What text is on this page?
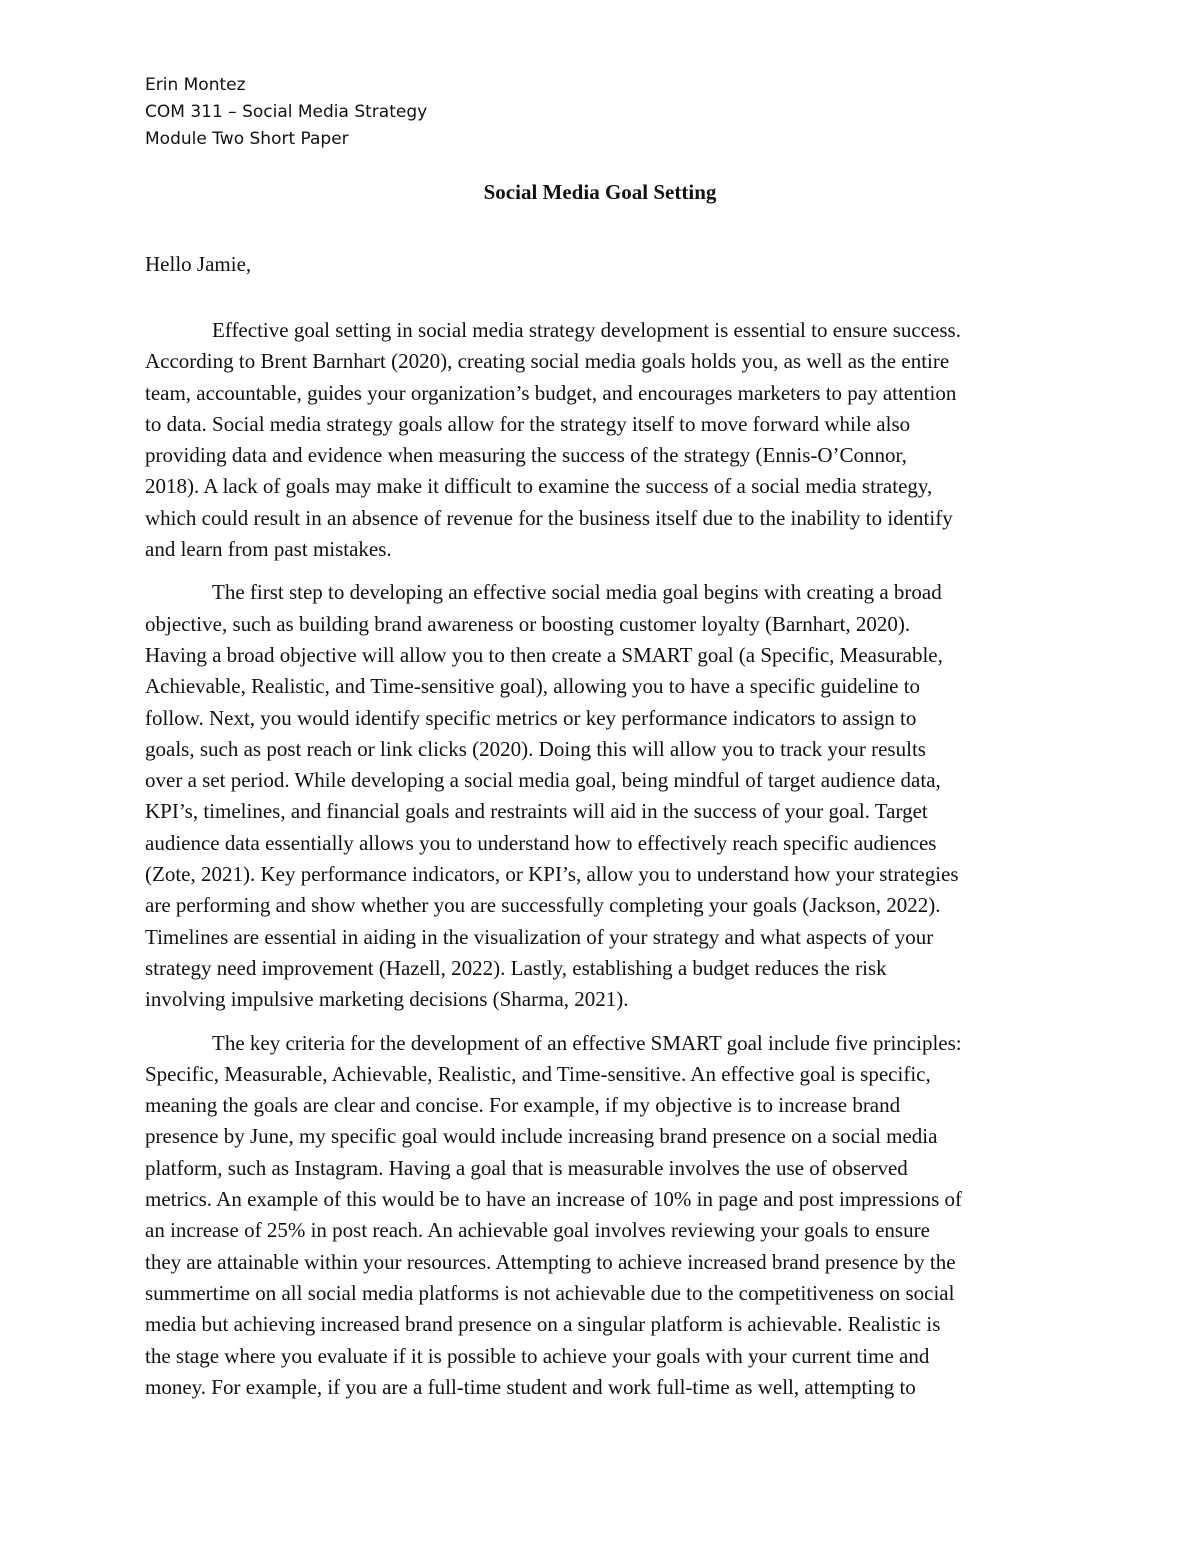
Erin Montez
COM 311 – Social Media Strategy
Module Two Short Paper
Social Media Goal Setting
Hello Jamie,
Effective goal setting in social media strategy development is essential to ensure success.
According to Brent Barnhart (2020), creating social media goals holds you, as well as the entire
team, accountable, guides your organization’s budget, and encourages marketers to pay attention
to data. Social media strategy goals allow for the strategy itself to move forward while also
providing data and evidence when measuring the success of the strategy (Ennis-O’Connor,
2018). A lack of goals may make it difficult to examine the success of a social media strategy,
which could result in an absence of revenue for the business itself due to the inability to identify
and learn from past mistakes.
The first step to developing an effective social media goal begins with creating a broad
objective, such as building brand awareness or boosting customer loyalty (Barnhart, 2020).
Having a broad objective will allow you to then create a SMART goal (a Specific, Measurable,
Achievable, Realistic, and Time-sensitive goal), allowing you to have a specific guideline to
follow. Next, you would identify specific metrics or key performance indicators to assign to
goals, such as post reach or link clicks (2020). Doing this will allow you to track your results
over a set period. While developing a social media goal, being mindful of target audience data,
KPI’s, timelines, and financial goals and restraints will aid in the success of your goal. Target
audience data essentially allows you to understand how to effectively reach specific audiences
(Zote, 2021). Key performance indicators, or KPI’s, allow you to understand how your strategies
are performing and show whether you are successfully completing your goals (Jackson, 2022).
Timelines are essential in aiding in the visualization of your strategy and what aspects of your
strategy need improvement (Hazell, 2022). Lastly, establishing a budget reduces the risk
involving impulsive marketing decisions (Sharma, 2021).
The key criteria for the development of an effective SMART goal include five principles:
Specific, Measurable, Achievable, Realistic, and Time-sensitive. An effective goal is specific,
meaning the goals are clear and concise. For example, if my objective is to increase brand
presence by June, my specific goal would include increasing brand presence on a social media
platform, such as Instagram. Having a goal that is measurable involves the use of observed
metrics. An example of this would be to have an increase of 10% in page and post impressions of
an increase of 25% in post reach. An achievable goal involves reviewing your goals to ensure
they are attainable within your resources. Attempting to achieve increased brand presence by the
summertime on all social media platforms is not achievable due to the competitiveness on social
media but achieving increased brand presence on a singular platform is achievable. Realistic is
the stage where you evaluate if it is possible to achieve your goals with your current time and
money. For example, if you are a full-time student and work full-time as well, attempting to
